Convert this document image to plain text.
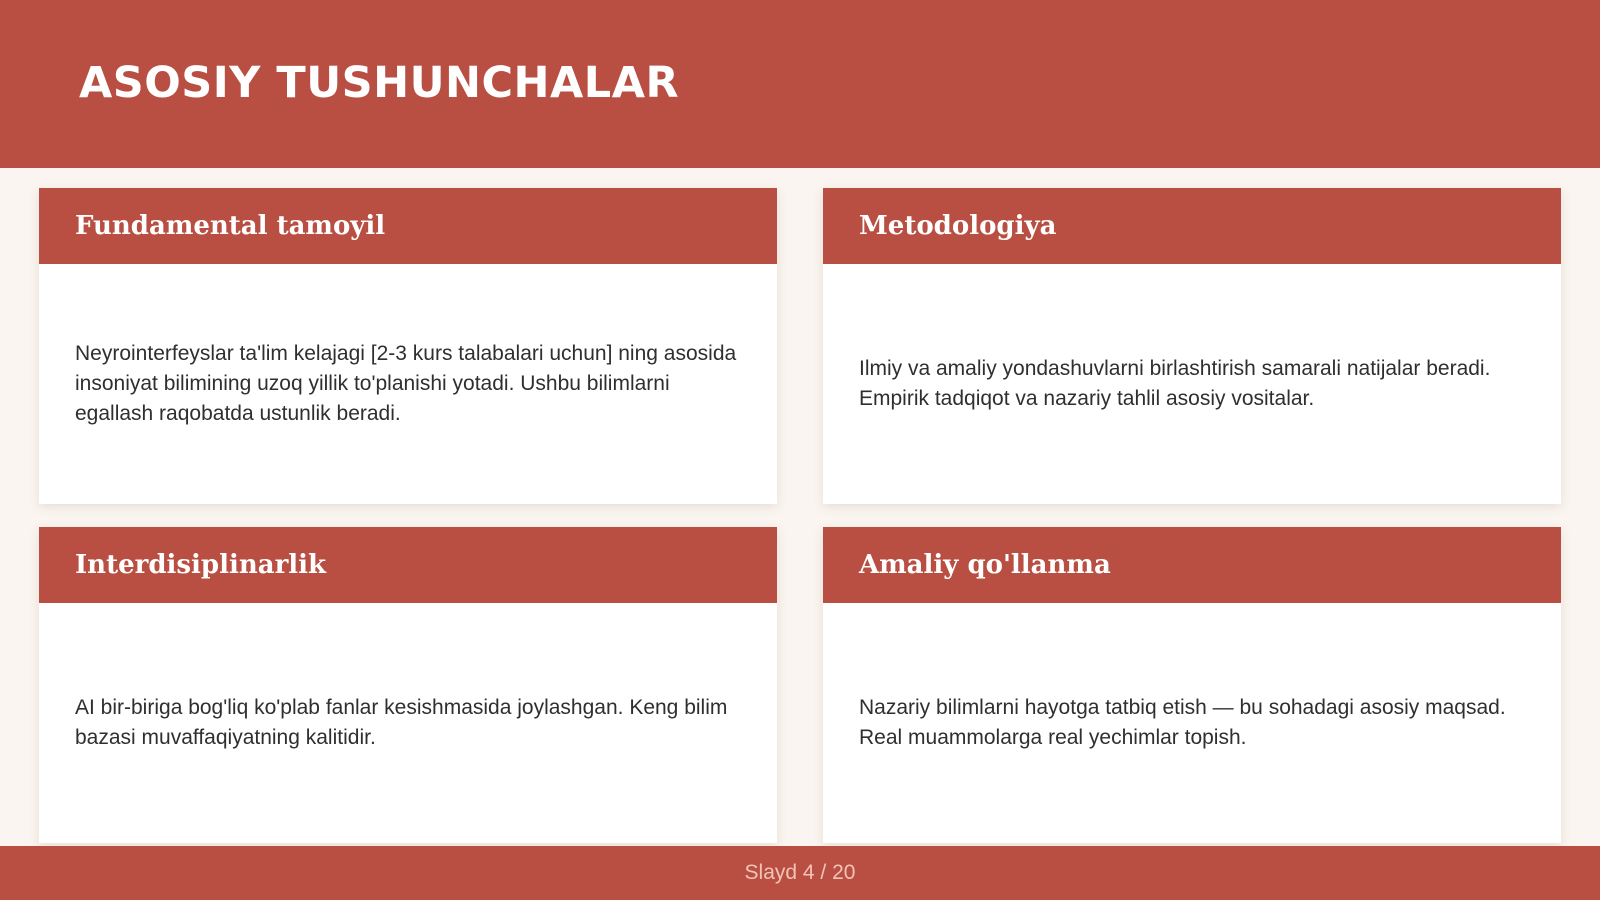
ASOSIY TUSHUNCHALAR
Fundamental tamoyil

Neyrointerfeyslar ta'lim kelajagi [2-3 kurs talabalari uchun] ning asosida insoniyat bilimining uzoq yillik to'planishi yotadi. Ushbu bilimlarni egallash raqobatda ustunlik beradi.

Metodologiya

Ilmiy va amaliy yondashuvlarni birlashtirish samarali natijalar beradi. Empirik tadqiqot va nazariy tahlil asosiy vositalar.

Interdisiplinarlik

AI bir-biriga bog'liq ko'plab fanlar kesishmasida joylashgan. Keng bilim bazasi muvaffaqiyatning kalitidir.

Amaliy qo'llanma

Nazariy bilimlarni hayotga tatbiq etish — bu sohadagi asosiy maqsad. Real muammolarga real yechimlar topish.

Slayd 4 / 20
